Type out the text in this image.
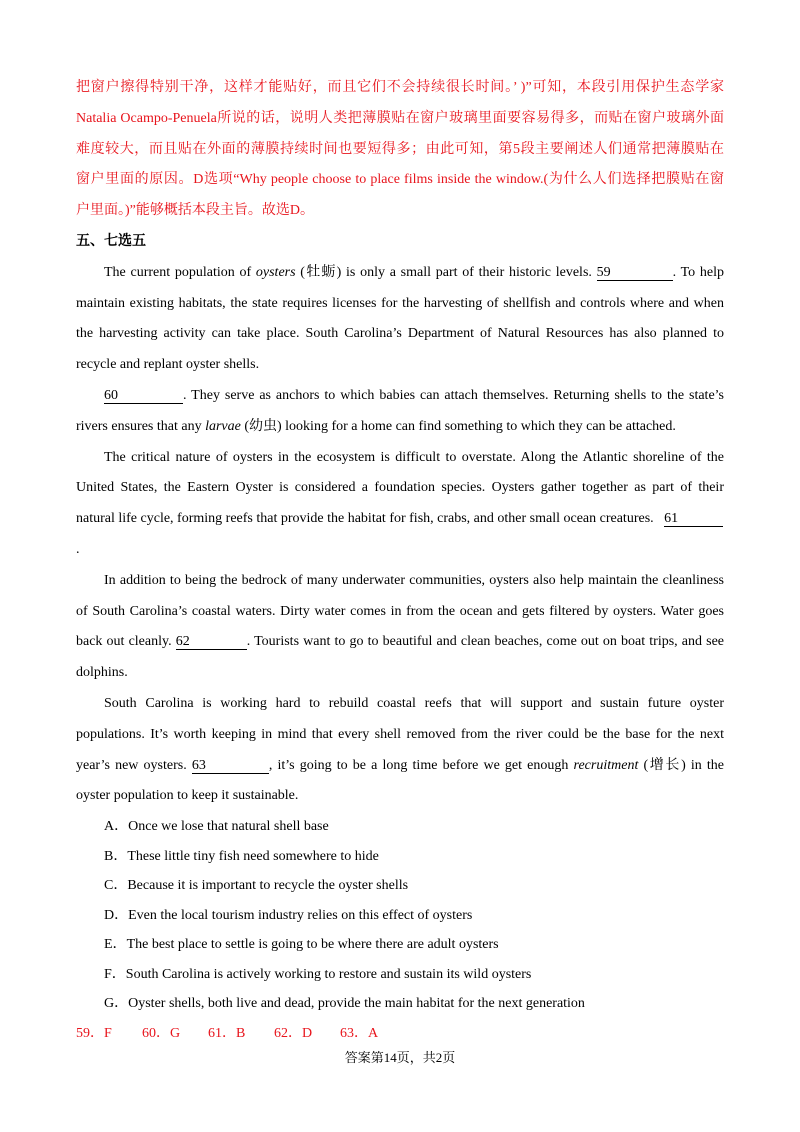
把窗户擦得特别干净，这样才能贴好，而且它们不会持续很长时间。’ )”可知，本段引用保护生态学家
Natalia Ocampo-Penuela所说的话，说明人类把薄膜贴在窗户玻璃里面要容易得多，而贴在窗户玻璃外面
难度较大，而且贴在外面的薄膜持续时间也要短得多；由此可知，第5段主要阐述人们通常把薄膜贴在
窗户里面的原因。D选项“Why people choose to place films inside the window.(为什么人们选择把膜贴在窗
户里面。)”能够概括本段主旨。故选D。
五、七选五
The current population of oysters (牡蛎) is only a small part of their historic levels. 59	. To help
maintain existing habitats, the state requires licenses for the harvesting of shellfish and controls where and when
the harvesting activity can take place. South Carolina’s Department of Natural Resources has also planned to
recycle and replant oyster shells.
60	. They serve as anchors to which babies can attach themselves. Returning shells to the state’s
rivers ensures that any larvae (幼虫) looking for a home can find something to which they can be attached.
The critical nature of oysters in the ecosystem is difficult to overstate. Along the Atlantic shoreline of the
United States, the Eastern Oyster is considered a foundation species. Oysters gather together as part of their
natural life cycle, forming reefs that provide the habitat for fish, crabs, and other small ocean creatures. 61
.
In addition to being the bedrock of many underwater communities, oysters also help maintain the cleanliness
of South Carolina’s coastal waters. Dirty water comes in from the ocean and gets filtered by oysters. Water goes
back out cleanly. 62	. Tourists want to go to beautiful and clean beaches, come out on boat trips, and see
dolphins.
South Carolina is working hard to rebuild coastal reefs that will support and sustain future oyster
populations. It’s worth keeping in mind that every shell removed from the river could be the base for the next
year’s new oysters. 63	, it’s going to be a long time before we get enough recruitment (增长) in the
oyster population to keep it sustainable.
A．Once we lose that natural shell base
B．These little tiny fish need somewhere to hide
C．Because it is important to recycle the oyster shells
D．Even the local tourism industry relies on this effect of oysters
E．The best place to settle is going to be where there are adult oysters
F．South Carolina is actively working to restore and sustain its wild oysters
G．Oyster shells, both live and dead, provide the main habitat for the next generation
59．F 60．G 61．B 62．D 63．A
答案第14页，共2页
